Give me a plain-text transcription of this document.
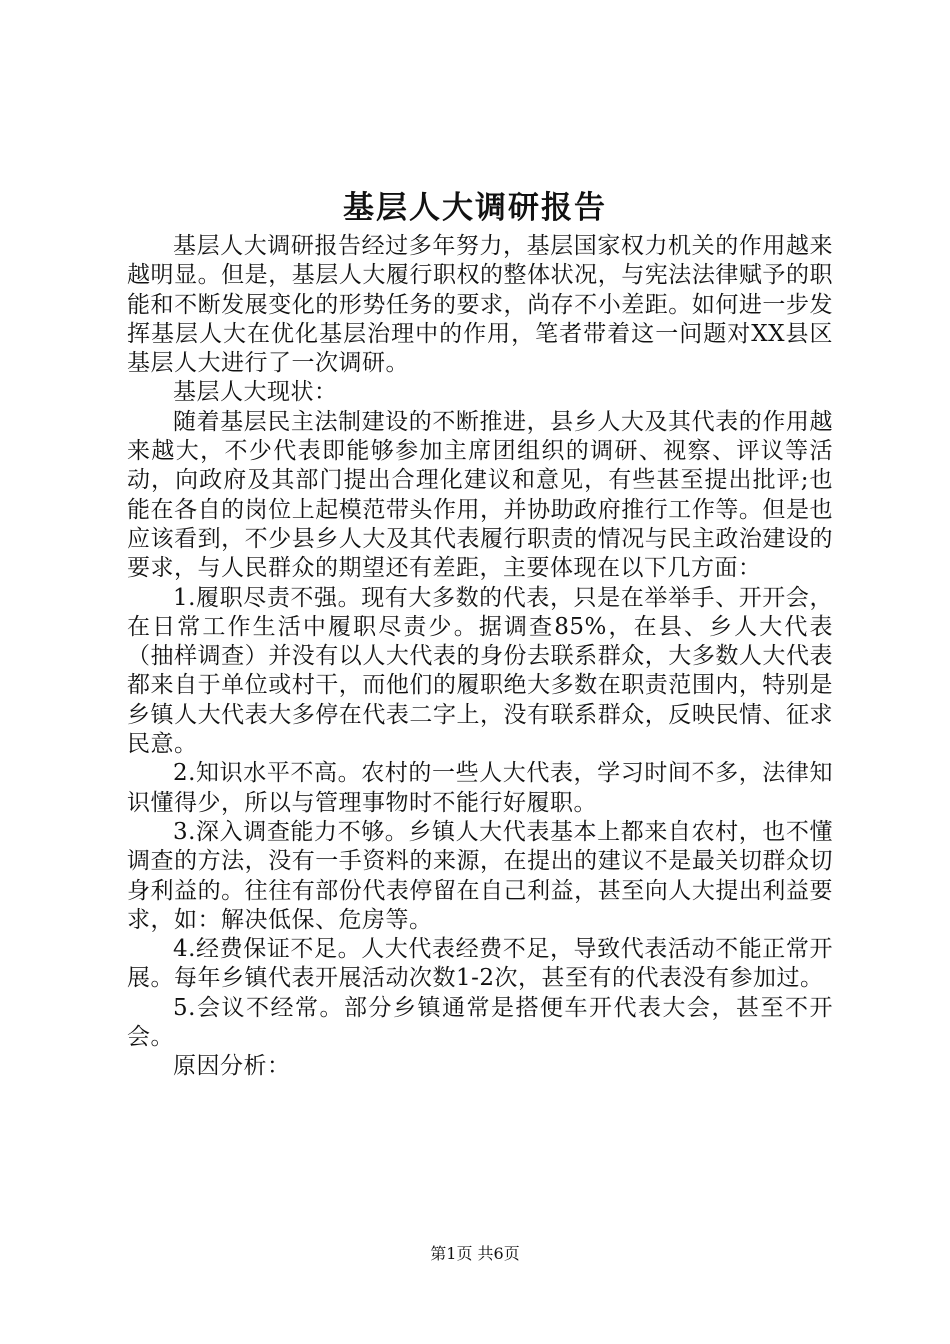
基层人大调研报告

基层人大调研报告经过多年努力，基层国家权力机关的作用越来越明显。但是，基层人大履行职权的整体状况，与宪法法律赋予的职能和不断发展变化的形势任务的要求，尚存不小差距。如何进一步发挥基层人大在优化基层治理中的作用，笔者带着这一问题对XX县区基层人大进行了一次调研。

基层人大现状：

随着基层民主法制建设的不断推进，县乡人大及其代表的作用越来越大，不少代表即能够参加主席团组织的调研、视察、评议等活动，向政府及其部门提出合理化建议和意见，有些甚至提出批评;也能在各自的岗位上起模范带头作用，并协助政府推行工作等。但是也应该看到，不少县乡人大及其代表履行职责的情况与民主政治建设的要求，与人民群众的期望还有差距，主要体现在以下几方面：

1.履职尽责不强。现有大多数的代表，只是在举举手、开开会，在日常工作生活中履职尽责少。据调查85%，在县、乡人大代表（抽样调查）并没有以人大代表的身份去联系群众，大多数人大代表都来自于单位或村干，而他们的履职绝大多数在职责范围内，特别是乡镇人大代表大多停在代表二字上，没有联系群众，反映民情、征求民意。

2.知识水平不高。农村的一些人大代表，学习时间不多，法律知识懂得少，所以与管理事物时不能行好履职。

3.深入调查能力不够。乡镇人大代表基本上都来自农村，也不懂调查的方法，没有一手资料的来源，在提出的建议不是最关切群众切身利益的。往往有部份代表停留在自己利益，甚至向人大提出利益要求，如：解决低保、危房等。

4.经费保证不足。人大代表经费不足，导致代表活动不能正常开展。每年乡镇代表开展活动次数1-2次，甚至有的代表没有参加过。

5.会议不经常。部分乡镇通常是搭便车开代表大会，甚至不开会。

原因分析：

第1页 共6页
